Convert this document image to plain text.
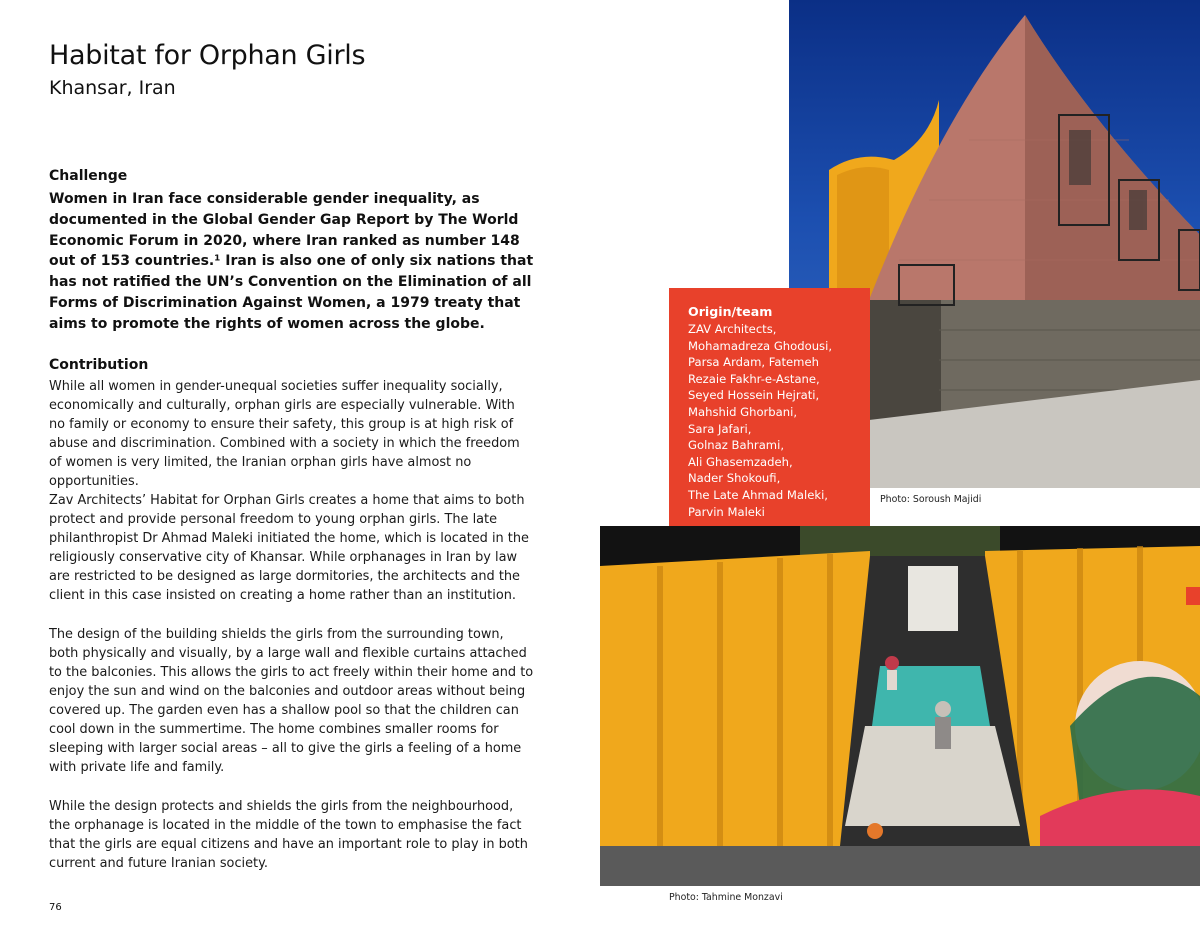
Habitat for Orphan Girls
Khansar, Iran
Challenge

Women in Iran face considerable gender inequality, as documented in the Global Gender Gap Report by The World Economic Forum in 2020, where Iran ranked as number 148 out of 153 countries.¹ Iran is also one of only six nations that has not ratified the UN’s Convention on the Elimination of all Forms of Discrimination Against Women, a 1979 treaty that aims to promote the rights of women across the globe.

Contribution

While all women in gender-unequal societies suffer inequality socially, economically and culturally, orphan girls are especially vulnerable. With no family or economy to ensure their safety, this group is at high risk of abuse and discrimination. Combined with a society in which the freedom of women is very limited, the Iranian orphan girls have almost no opportunities.

Zav Architects’ Habitat for Orphan Girls creates a home that aims to both protect and provide personal freedom to young orphan girls. The late philanthropist Dr Ahmad Maleki initiated the home, which is located in the religiously conservative city of Khansar. While orphanages in Iran by law are restricted to be designed as large dormitories, the architects and the client in this case insisted on creating a home rather than an institution.

The design of the building shields the girls from the surrounding town, both physically and visually, by a large wall and flexible curtains attached to the balconies. This allows the girls to act freely within their home and to enjoy the sun and wind on the balconies and outdoor areas without being covered up. The garden even has a shallow pool so that the children can cool down in the summertime. The home combines smaller rooms for sleeping with larger social areas – all to give the girls a feeling of a home with private life and family.

While the design protects and shields the girls from the neighbourhood, the orphanage is located in the middle of the town to emphasise the fact that the girls are equal citizens and have an important role to play in both current and future Iranian society.

76

Origin/team

ZAV Architects,
Mohamadreza Ghodousi,
Parsa Ardam, Fatemeh
Rezaie Fakhr-e-Astane,
Seyed Hossein Hejrati,
Mahshid Ghorbani,
Sara Jafari,
Golnaz Bahrami,
Ali Ghasemzadeh,
Nader Shokoufi,
The Late Ahmad Maleki,
Parvin Maleki

Photo: Soroush Majidi
Photo: Tahmine Monzavi
